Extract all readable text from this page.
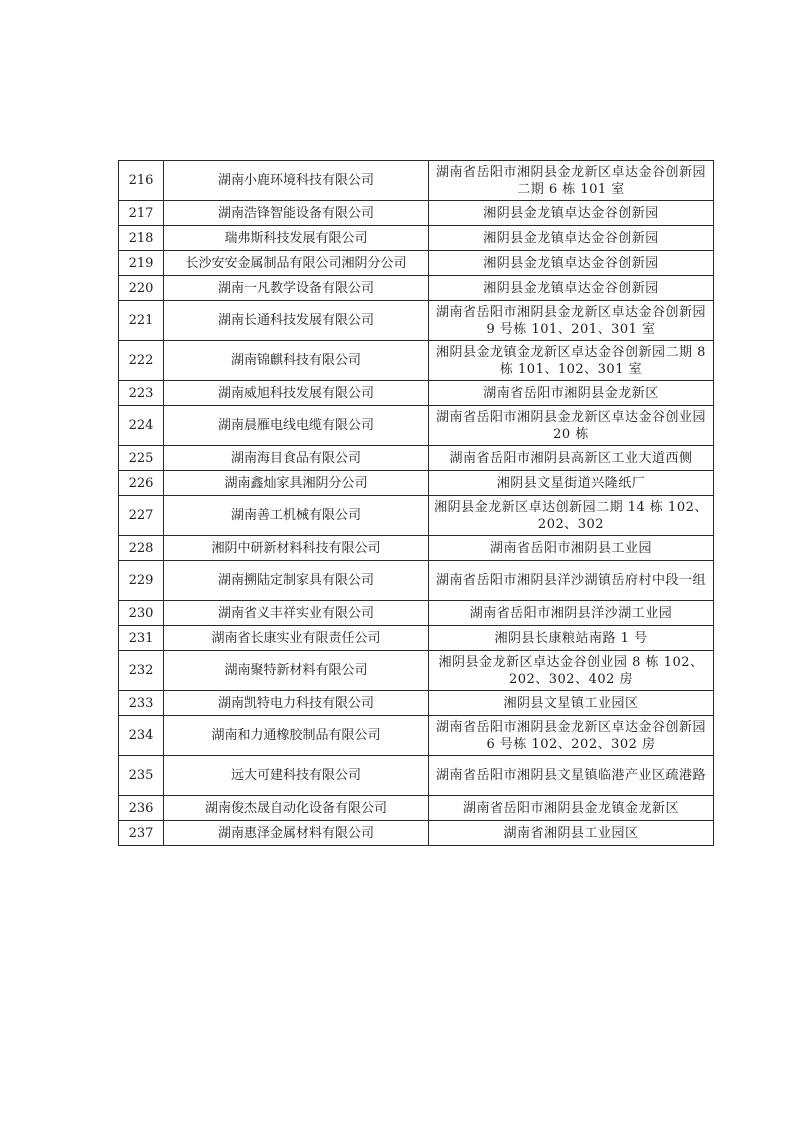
216	湖南小鹿环境科技有限公司	湖南省岳阳市湘阴县金龙新区卓达金谷创新园二期 6 栋 101 室
217	湖南浩锋智能设备有限公司	湘阴县金龙镇卓达金谷创新园
218	瑞弗斯科技发展有限公司	湘阴县金龙镇卓达金谷创新园
219	长沙安安金属制品有限公司湘阴分公司	湘阴县金龙镇卓达金谷创新园
220	湖南一凡教学设备有限公司	湘阴县金龙镇卓达金谷创新园
221	湖南长通科技发展有限公司	湖南省岳阳市湘阴县金龙新区卓达金谷创新园 9 号栋 101、201、301 室
222	湖南锦麒科技有限公司	湘阴县金龙镇金龙新区卓达金谷创新园二期 8 栋 101、102、301 室
223	湖南威旭科技发展有限公司	湖南省岳阳市湘阴县金龙新区
224	湖南晨雁电线电缆有限公司	湖南省岳阳市湘阴县金龙新区卓达金谷创业园 20 栋
225	湖南海目食品有限公司	湖南省岳阳市湘阴县高新区工业大道西侧
226	湖南鑫灿家具湘阴分公司	湘阴县文星街道兴隆纸厂
227	湖南善工机械有限公司	湘阴县金龙新区卓达创新园二期 14 栋 102、202、302
228	湘阴中研新材料科技有限公司	湖南省岳阳市湘阴县工业园
229	湖南搠陆定制家具有限公司	湖南省岳阳市湘阴县洋沙湖镇岳府村中段一组
230	湖南省义丰祥实业有限公司	湖南省岳阳市湘阴县洋沙湖工业园
231	湖南省长康实业有限责任公司	湘阴县长康粮站南路 1 号
232	湖南聚特新材料有限公司	湘阴县金龙新区卓达金谷创业园 8 栋 102、202、302、402 房
233	湖南凯特电力科技有限公司	湘阴县文星镇工业园区
234	湖南和力通橡胶制品有限公司	湖南省岳阳市湘阴县金龙新区卓达金谷创新园 6 号栋 102、202、302 房
235	远大可建科技有限公司	湖南省岳阳市湘阴县文星镇临港产业区疏港路
236	湖南俊杰晟自动化设备有限公司	湖南省岳阳市湘阴县金龙镇金龙新区
237	湖南惠泽金属材料有限公司	湖南省湘阴县工业园区
